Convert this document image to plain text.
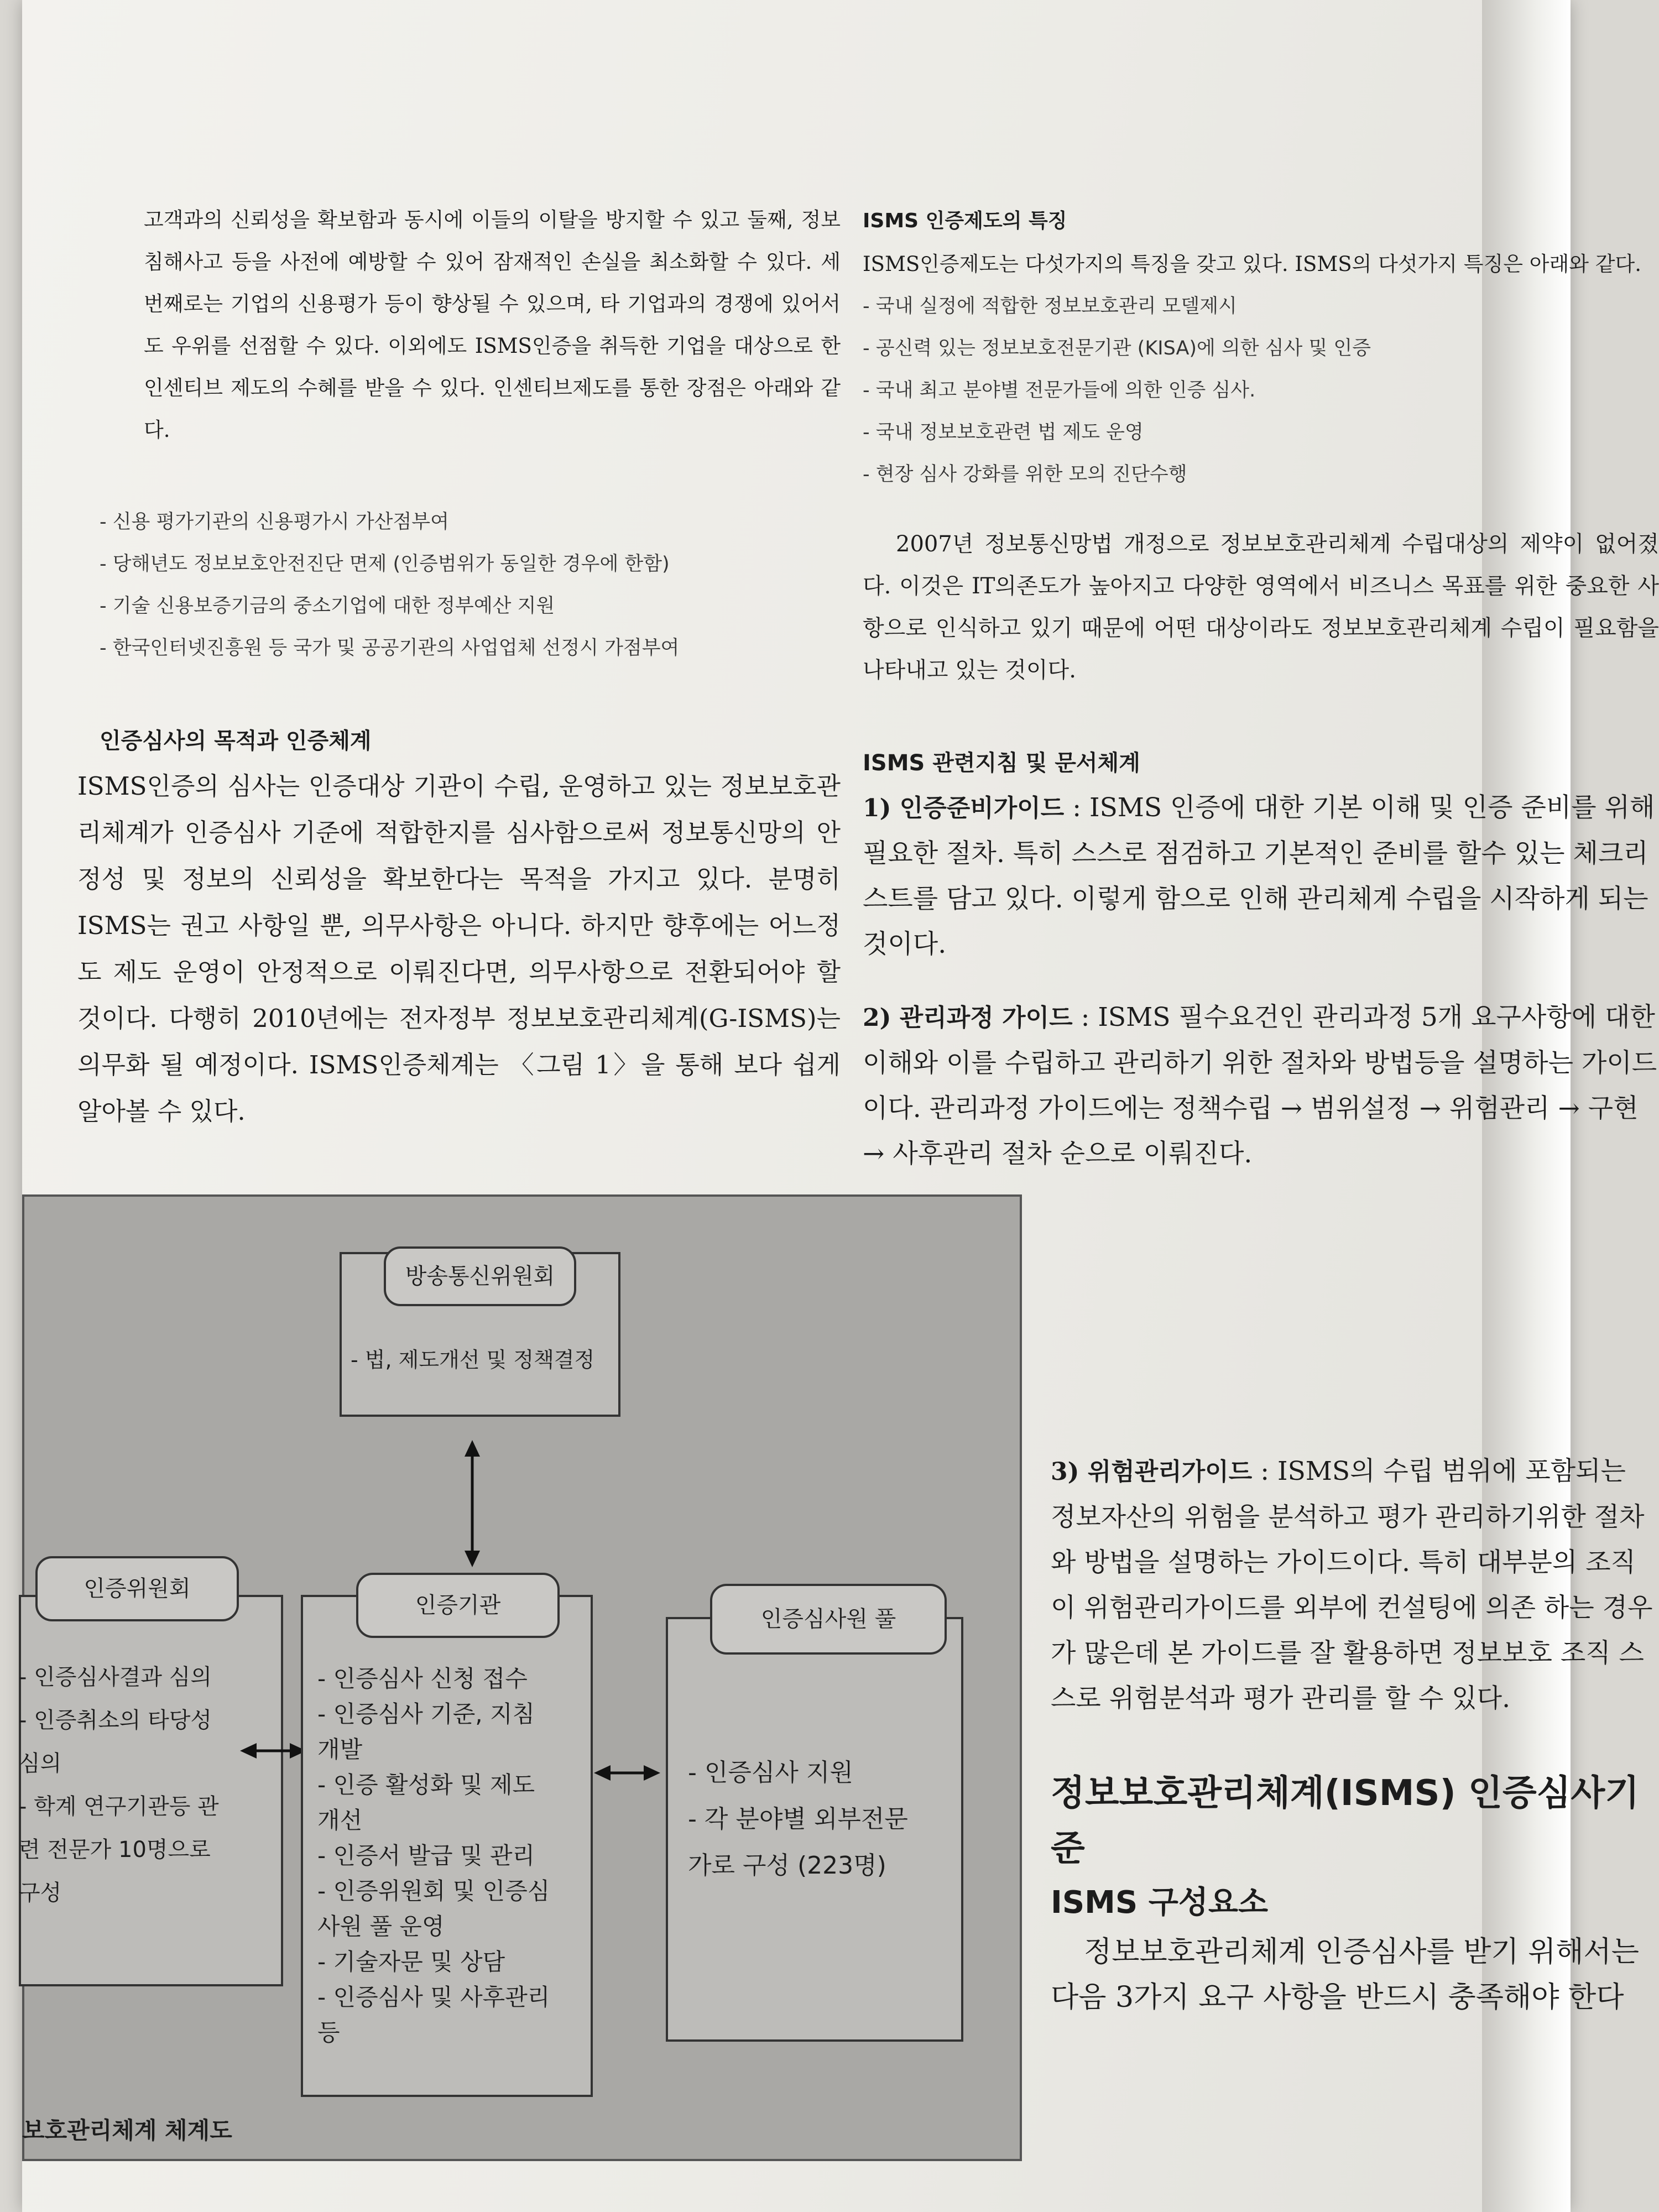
고객과의 신뢰성을 확보함과 동시에 이들의 이탈을 방지할 수 있고 둘째, 정보침해사고 등을 사전에 예방할 수 있어 잠재적인 손실을 최소화할 수 있다. 세 번째로는 기업의 신용평가 등이 향상될 수 있으며, 타 기업과의 경쟁에 있어서도 우위를 선점할 수 있다. 이외에도 ISMS인증을 취득한 기업을 대상으로 한 인센티브 제도의 수혜를 받을 수 있다. 인센티브제도를 통한 장점은 아래와 같다.

- 신용 평가기관의 신용평가시 가산점부여

- 당해년도 정보보호안전진단 면제 (인증범위가 동일한 경우에 한함)

- 기술 신용보증기금의 중소기업에 대한 정부예산 지원

- 한국인터넷진흥원 등 국가 및 공공기관의 사업업체 선정시 가점부여

인증심사의 목적과 인증체계

ISMS인증의 심사는 인증대상 기관이 수립, 운영하고 있는 정보보호관리체계가 인증심사 기준에 적합한지를 심사함으로써 정보통신망의 안정성 및 정보의 신뢰성을 확보한다는 목적을 가지고 있다. 분명히 ISMS는 권고 사항일 뿐, 의무사항은 아니다. 하지만 향후에는 어느정도 제도 운영이 안정적으로 이뤄진다면, 의무사항으로 전환되어야 할 것이다. 다행히 2010년에는 전자정부 정보보호관리체계(G-ISMS)는 의무화 될 예정이다. ISMS인증체계는 〈그림 1〉을 통해 보다 쉽게 알아볼 수 있다.

ISMS 인증제도의 특징

ISMS인증제도는 다섯가지의 특징을 갖고 있다. ISMS의 다섯가지 특징은 아래와 같다.

- 국내 실정에 적합한 정보보호관리 모델제시

- 공신력 있는 정보보호전문기관 (KISA)에 의한 심사 및 인증

- 국내 최고 분야별 전문가들에 의한 인증 심사.

- 국내 정보보호관련 법 제도 운영

- 현장 심사 강화를 위한 모의 진단수행

2007년 정보통신망법 개정으로 정보보호관리체계 수립대상의 제약이 없어졌다. 이것은 IT의존도가 높아지고 다양한 영역에서 비즈니스 목표를 위한 중요한 사항으로 인식하고 있기 때문에 어떤 대상이라도 정보보호관리체계 수립이 필요함을 나타내고 있는 것이다.

ISMS 관련지침 및 문서체계

1) 인증준비가이드 : ISMS 인증에 대한 기본 이해 및 인증 준비를 위해 필요한 절차. 특히 스스로 점검하고 기본적인 준비를 할수 있는 체크리스트를 담고 있다. 이렇게 함으로 인해 관리체계 수립을 시작하게 되는 것이다.

2) 관리과정 가이드 : ISMS 필수요건인 관리과정 5개 요구사항에 대한 이해와 이를 수립하고 관리하기 위한 절차와 방법등을 설명하는 가이드이다. 관리과정 가이드에는 정책수립 → 범위설정 → 위험관리 → 구현 → 사후관리 절차 순으로 이뤄진다.

3) 위험관리가이드 : ISMS의 수립 범위에 포함되는 정보자산의 위험을 분석하고 평가 관리하기위한 절차와 방법을 설명하는 가이드이다. 특히 대부분의 조직이 위험관리가이드를 외부에 컨설팅에 의존 하는 경우가 많은데 본 가이드를 잘 활용하면 정보보호 조직 스스로 위험분석과 평가 관리를 할 수 있다.

정보보호관리체계(ISMS) 인증심사기준

ISMS 구성요소

정보보호관리체계 인증심사를 받기 위해서는 다음 3가지 요구 사항을 반드시 충족해야 한다

방송통신위원회
- 법, 제도개선 및 정책결정
인증위원회
- 인증심사결과 심의
- 인증취소의 타당성
심의
- 학계 연구기관등 관
련 전문가 10명으로
구성
인증기관
- 인증심사 신청 접수
- 인증심사 기준, 지침
개발
- 인증 활성화 및 제도
개선
- 인증서 발급 및 관리
- 인증위원회 및 인증심
사원 풀 운영
- 기술자문 및 상담
- 인증심사 및 사후관리
등
인증심사원 풀
- 인증심사 지원
- 각 분야별 외부전문
가로 구성 (223명)
보호관리체계 체계도
